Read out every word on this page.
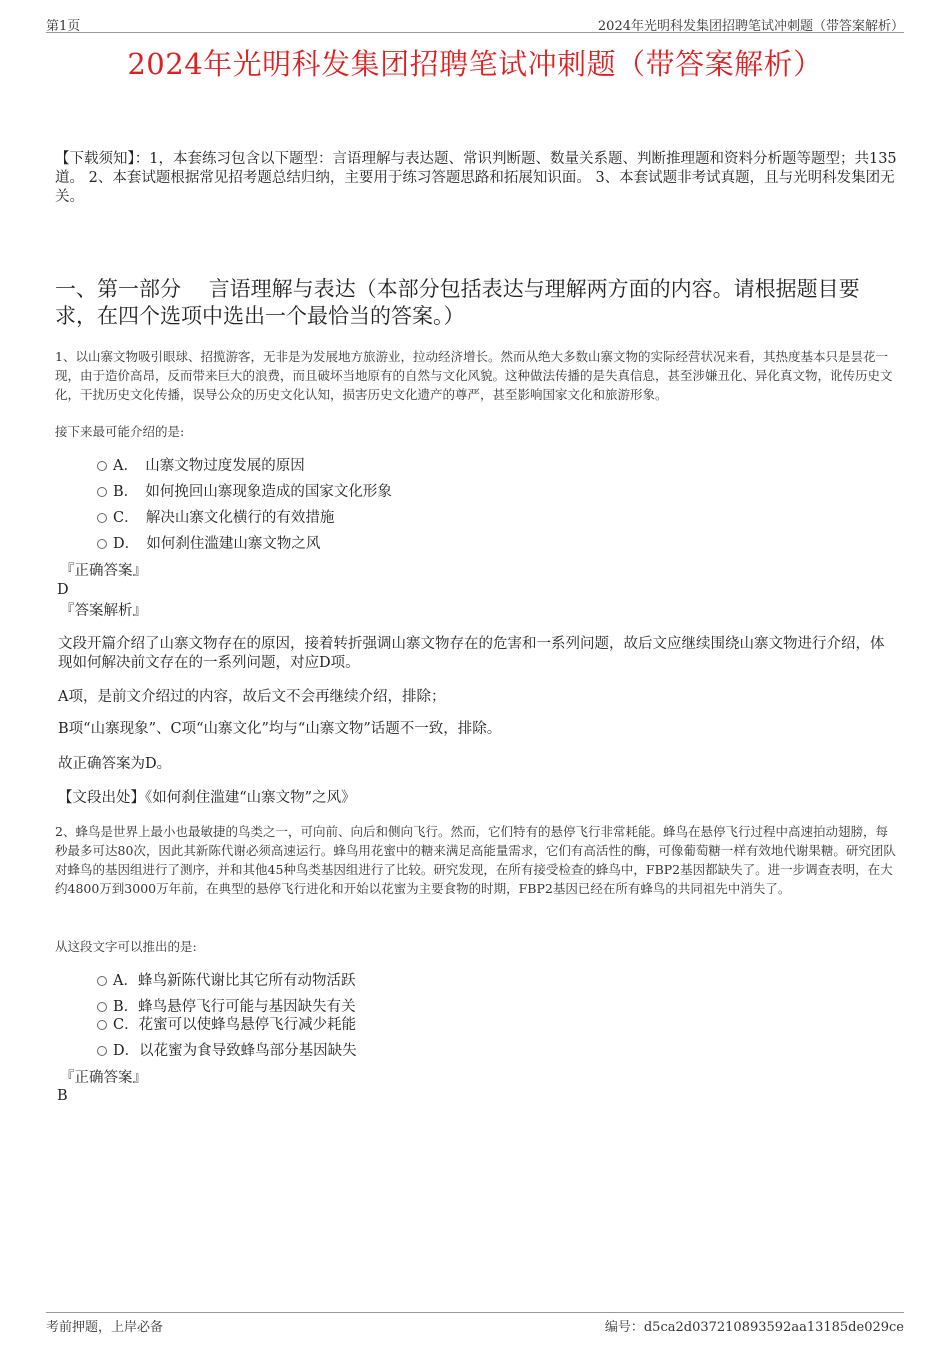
第1页	2024年光明科发集团招聘笔试冲刺题（带答案解析）
2024年光明科发集团招聘笔试冲刺题（带答案解析）
【下载须知】：1，本套练习包含以下题型：言语理解与表达题、常识判断题、数量关系题、判断推理题和资料分析题等题型；共135道。 2、本套试题根据常见招考题总结归纳，主要用于练习答题思路和拓展知识面。 3、本套试题非考试真题，且与光明科发集团无关。
一、第一部分　 言语理解与表达（本部分包括表达与理解两方面的内容。请根据题目要求，在四个选项中选出一个最恰当的答案。）
1、以山寨文物吸引眼球、招揽游客，无非是为发展地方旅游业，拉动经济增长。然而从绝大多数山寨文物的实际经营状况来看，其热度基本只是昙花一现，由于造价高昂，反而带来巨大的浪费，而且破坏当地原有的自然与文化风貌。这种做法传播的是失真信息，甚至涉嫌丑化、异化真文物，讹传历史文化，干扰历史文化传播，误导公众的历史文化认知，损害历史文化遗产的尊严，甚至影响国家文化和旅游形象。
接下来最可能介绍的是:
A．　山寨文物过度发展的原因
B．　如何挽回山寨现象造成的国家文化形象
C．　解决山寨文化横行的有效措施
D．　如何刹住滥建山寨文物之风
『正确答案』
D
『答案解析』
文段开篇介绍了山寨文物存在的原因，接着转折强调山寨文物存在的危害和一系列问题，故后文应继续围绕山寨文物进行介绍，体现如何解决前文存在的一系列问题，对应D项。
A项，是前文介绍过的内容，故后文不会再继续介绍，排除；
B项“山寨现象”、C项“山寨文化”均与“山寨文物”话题不一致，排除。
故正确答案为D。
【文段出处】《如何刹住滥建“山寨文物”之风》
2、蜂鸟是世界上最小也最敏捷的鸟类之一，可向前、向后和侧向飞行。然而，它们特有的悬停飞行非常耗能。蜂鸟在悬停飞行过程中高速拍动翅膀，每秒最多可达80次，因此其新陈代谢必须高速运行。蜂鸟用花蜜中的糖来满足高能量需求，它们有高活性的酶，可像葡萄糖一样有效地代谢果糖。研究团队对蜂鸟的基因组进行了测序，并和其他45种鸟类基因组进行了比较。研究发现，在所有接受检查的蜂鸟中，FBP2基因都缺失了。进一步调查表明，在大约4800万到3000万年前，在典型的悬停飞行进化和开始以花蜜为主要食物的时期，FBP2基因已经在所有蜂鸟的共同祖先中消失了。
从这段文字可以推出的是:
A．蜂鸟新陈代谢比其它所有动物活跃
B．蜂鸟悬停飞行可能与基因缺失有关
C．花蜜可以使蜂鸟悬停飞行减少耗能
D．以花蜜为食导致蜂鸟部分基因缺失
『正确答案』
B
考前押题，上岸必备	编号：d5ca2d037210893592aa13185de029ce
